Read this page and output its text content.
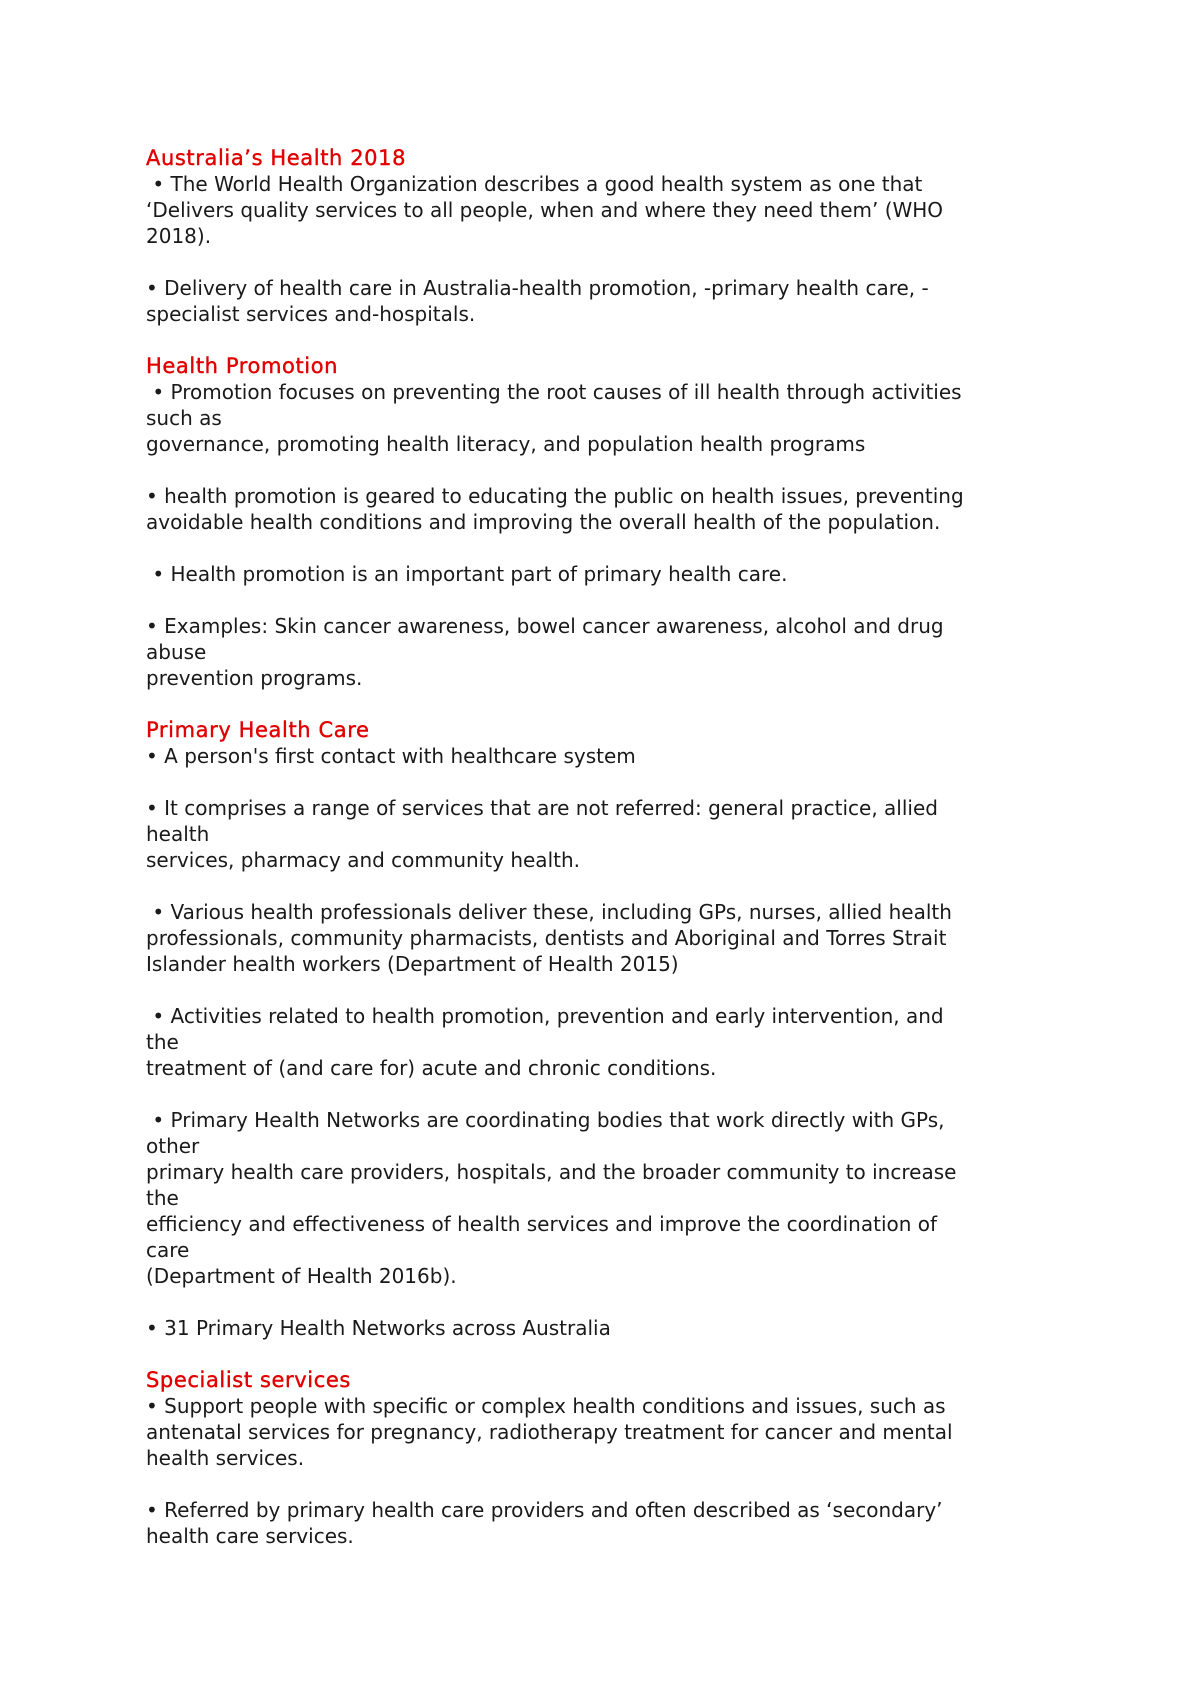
Australia’s Health 2018
• The World Health Organization describes a good health system as one that
‘Delivers quality services to all people, when and where they need them’ (WHO
2018).
• Delivery of health care in Australia-health promotion, -primary health care, -
specialist services and-hospitals.
Health Promotion
• Promotion focuses on preventing the root causes of ill health through activities
such as
governance, promoting health literacy, and population health programs
• health promotion is geared to educating the public on health issues, preventing
avoidable health conditions and improving the overall health of the population.
• Health promotion is an important part of primary health care.
• Examples: Skin cancer awareness, bowel cancer awareness, alcohol and drug
abuse
prevention programs.
Primary Health Care
• A person's first contact with healthcare system
• It comprises a range of services that are not referred: general practice, allied
health
services, pharmacy and community health.
• Various health professionals deliver these, including GPs, nurses, allied health
professionals, community pharmacists, dentists and Aboriginal and Torres Strait
Islander health workers (Department of Health 2015)
• Activities related to health promotion, prevention and early intervention, and
the
treatment of (and care for) acute and chronic conditions.
• Primary Health Networks are coordinating bodies that work directly with GPs,
other
primary health care providers, hospitals, and the broader community to increase
the
efficiency and effectiveness of health services and improve the coordination of
care
(Department of Health 2016b).
• 31 Primary Health Networks across Australia
Specialist services
• Support people with specific or complex health conditions and issues, such as
antenatal services for pregnancy, radiotherapy treatment for cancer and mental
health services.
• Referred by primary health care providers and often described as ‘secondary’
health care services.
